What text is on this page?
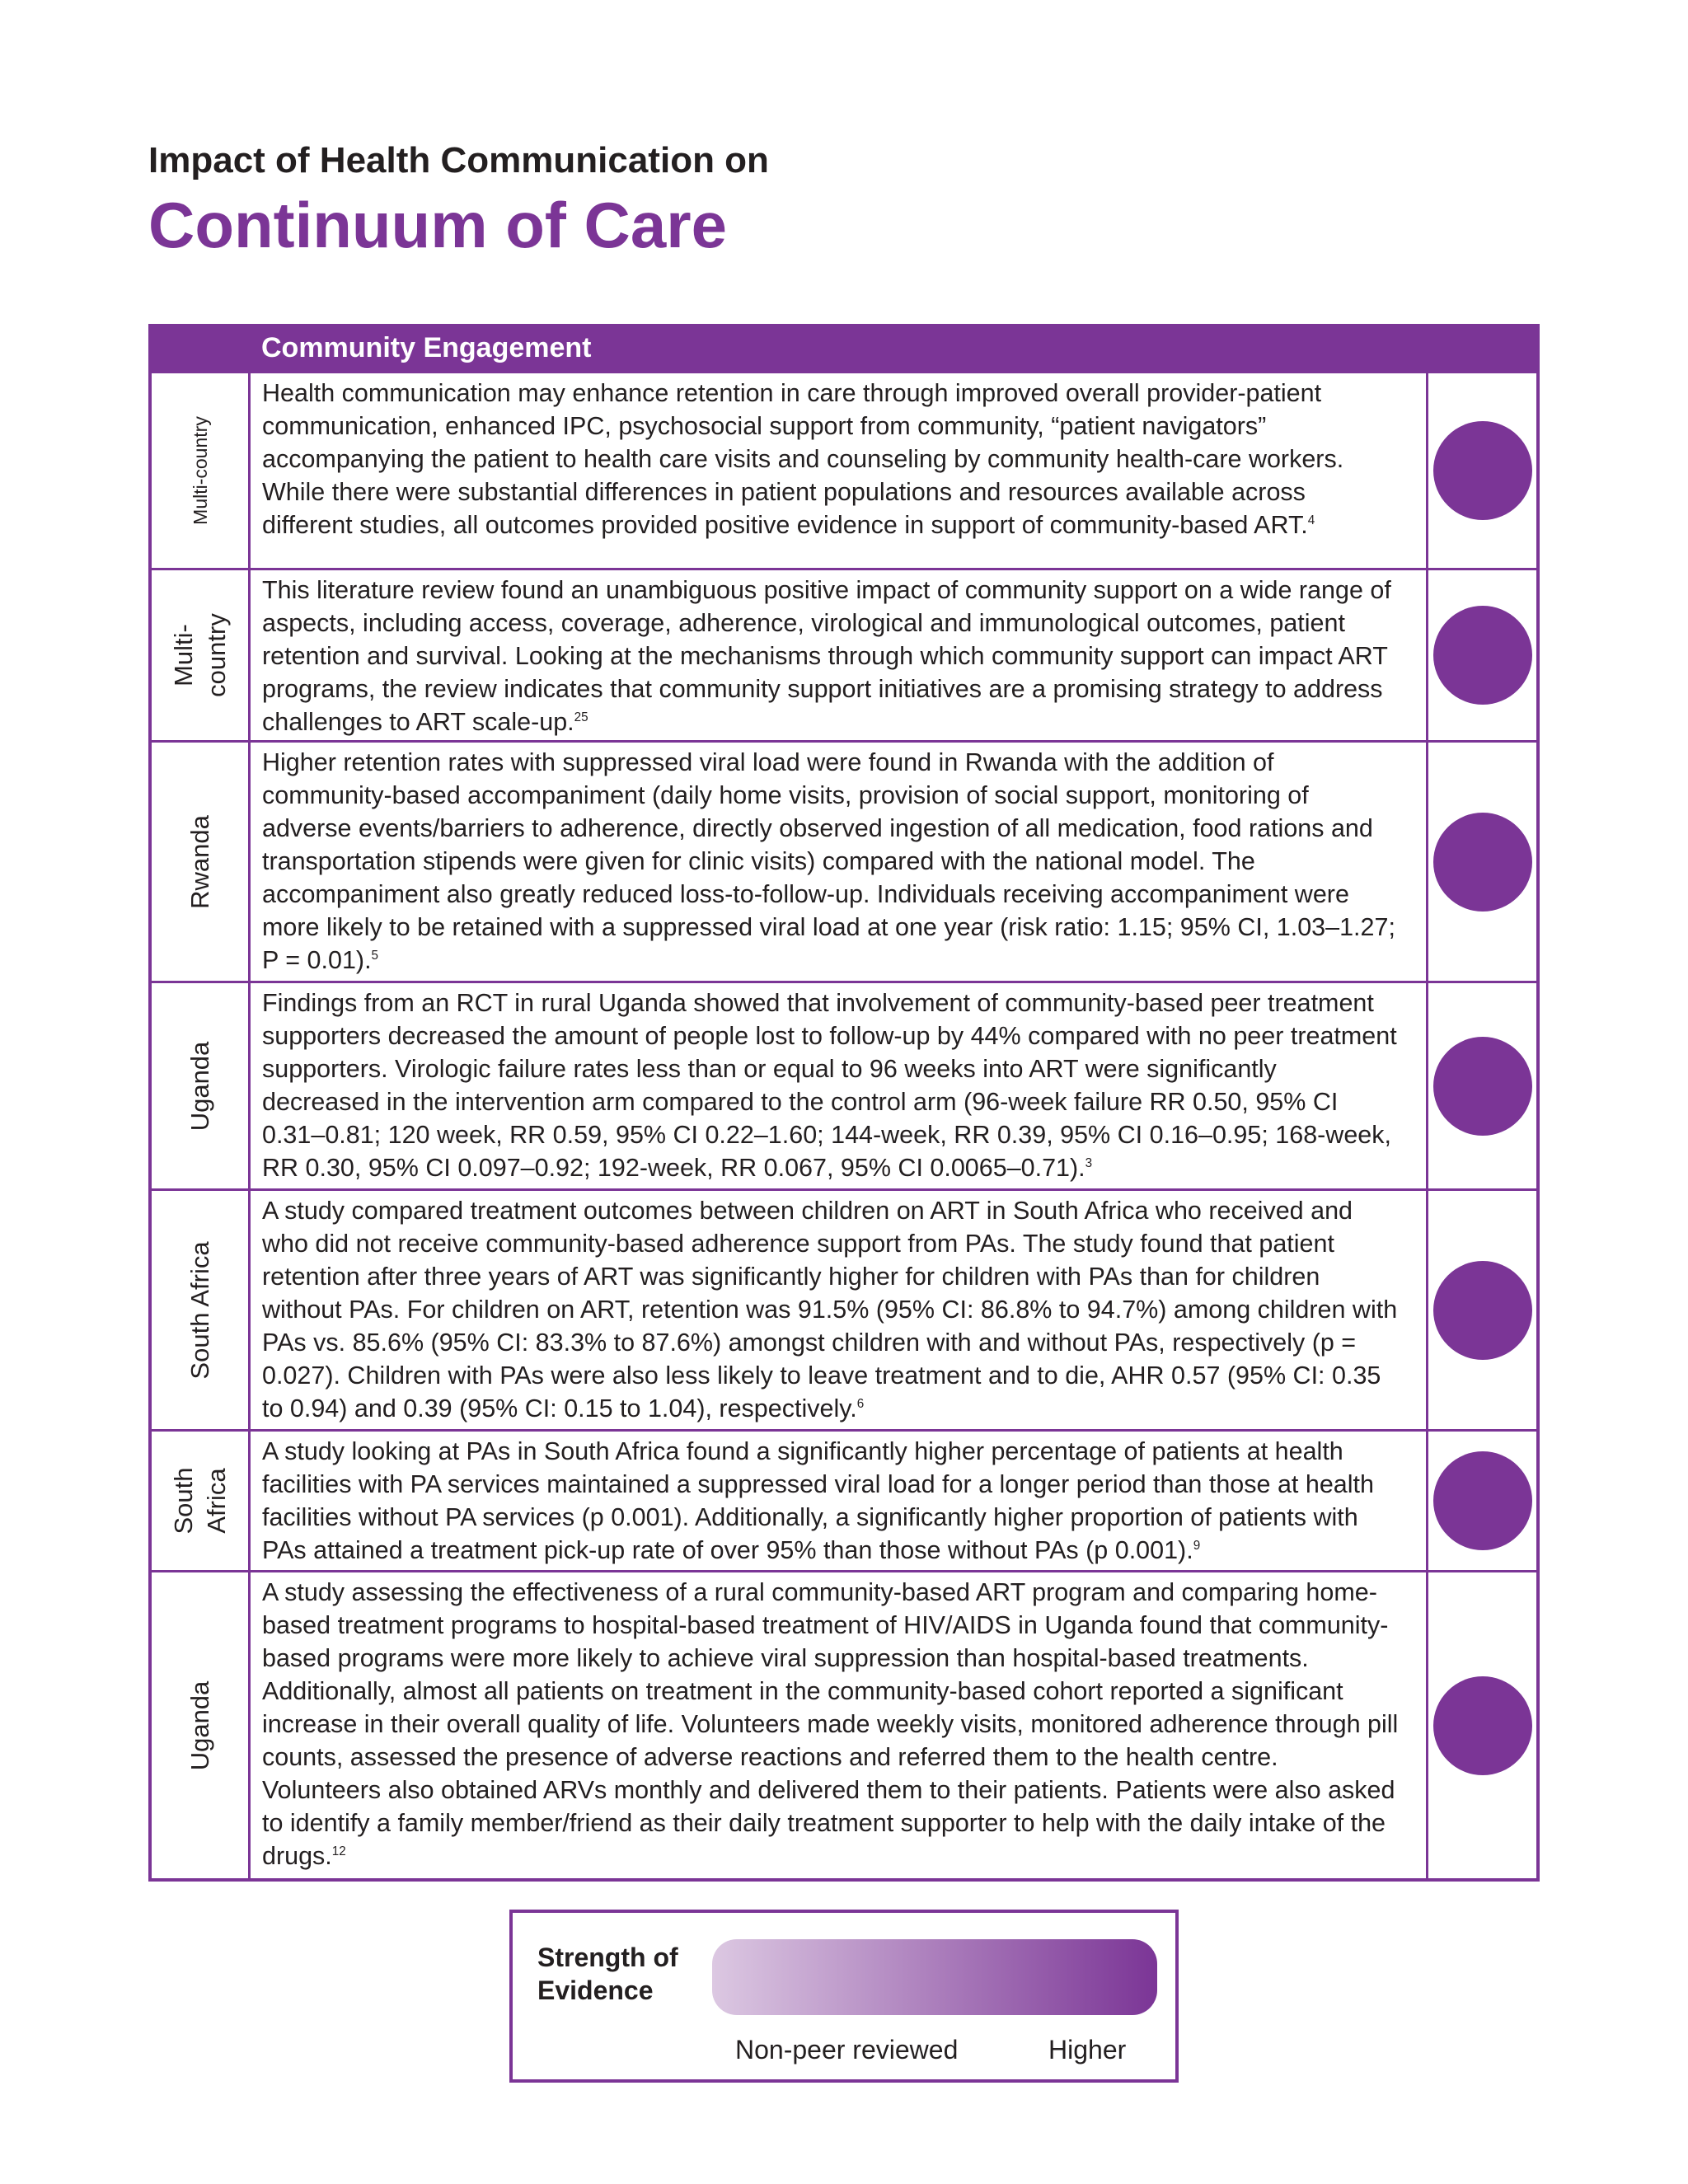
Impact of Health Communication on
Continuum of Care
Community Engagement
Multi-country
Health communication may enhance retention in care through improved overall provider-patient communication, enhanced IPC, psychosocial support from community, “patient navigators” accompanying the patient to health care visits and counseling by community health-care workers. While there were substantial differences in patient populations and resources available across different studies, all outcomes provided positive evidence in support of community-based ART.$^4$
Multi-
country
This literature review found an unambiguous positive impact of community support on a wide range of aspects, including access, coverage, adherence, virological and immunological outcomes, patient retention and survival. Looking at the mechanisms through which community support can impact ART programs, the review indicates that community support initiatives are a promising strategy to address challenges to ART scale-up.$^{25}$
Rwanda
Higher retention rates with suppressed viral load were found in Rwanda with the addition of community-based accompaniment (daily home visits, provision of social support, monitoring of adverse events/barriers to adherence, directly observed ingestion of all medication, food rations and transportation stipends were given for clinic visits) compared with the national model. The accompaniment also greatly reduced loss-to-follow-up. Individuals receiving accompaniment were more likely to be retained with a suppressed viral load at one year (risk ratio: 1.15; 95% CI, 1.03–1.27; P = 0.01).$^5$
Uganda
Findings from an RCT in rural Uganda showed that involvement of community-based peer treatment supporters decreased the amount of people lost to follow-up by 44% compared with no peer treatment supporters. Virologic failure rates less than or equal to 96 weeks into ART were significantly decreased in the intervention arm compared to the control arm (96-week failure RR 0.50, 95% CI 0.31–0.81; 120 week, RR 0.59, 95% CI 0.22–1.60; 144-week, RR 0.39, 95% CI 0.16–0.95; 168-week, RR 0.30, 95% CI 0.097–0.92; 192-week, RR 0.067, 95% CI 0.0065–0.71).$^3$
South Africa
A study compared treatment outcomes between children on ART in South Africa who received and who did not receive community-based adherence support from PAs. The study found that patient retention after three years of ART was significantly higher for children with PAs than for children without PAs. For children on ART, retention was 91.5% (95% CI: 86.8% to 94.7%) among children with PAs vs. 85.6% (95% CI: 83.3% to 87.6%) amongst children with and without PAs, respectively (p = 0.027). Children with PAs were also less likely to leave treatment and to die, AHR 0.57 (95% CI: 0.35 to 0.94) and 0.39 (95% CI: 0.15 to 1.04), respectively.$^6$
South
Africa
A study looking at PAs in South Africa found a significantly higher percentage of patients at health facilities with PA services maintained a suppressed viral load for a longer period than those at health facilities without PA services (p 0.001). Additionally, a significantly higher proportion of patients with PAs attained a treatment pick-up rate of over 95% than those without PAs (p 0.001).$^9$
Uganda
A study assessing the effectiveness of a rural community-based ART program and comparing home-based treatment programs to hospital-based treatment of HIV/AIDS in Uganda found that community-based programs were more likely to achieve viral suppression than hospital-based treatments. Additionally, almost all patients on treatment in the community-based cohort reported a significant increase in their overall quality of life. Volunteers made weekly visits, monitored adherence through pill counts, assessed the presence of adverse reactions and referred them to the health centre. Volunteers also obtained ARVs monthly and delivered them to their patients. Patients were also asked to identify a family member/friend as their daily treatment supporter to help with the daily intake of the drugs.$^{12}$
Strength of
Evidence
Non-peer reviewed	Higher
